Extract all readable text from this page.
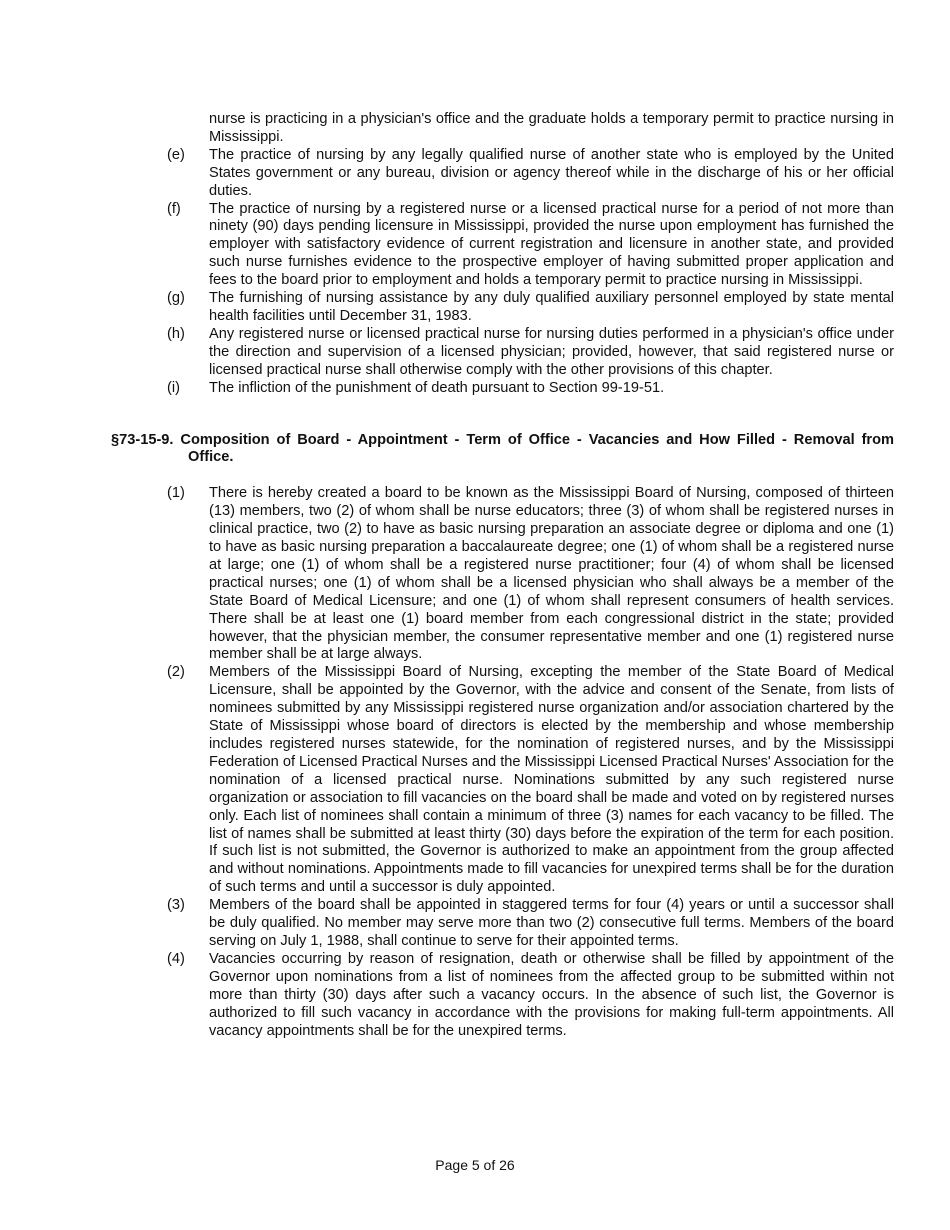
nurse is practicing in a physician's office and the graduate holds a temporary permit to practice nursing in Mississippi.
(e) The practice of nursing by any legally qualified nurse of another state who is employed by the United States government or any bureau, division or agency thereof while in the discharge of his or her official duties.
(f) The practice of nursing by a registered nurse or a licensed practical nurse for a period of not more than ninety (90) days pending licensure in Mississippi, provided the nurse upon employment has furnished the employer with satisfactory evidence of current registration and licensure in another state, and provided such nurse furnishes evidence to the prospective employer of having submitted proper application and fees to the board prior to employment and holds a temporary permit to practice nursing in Mississippi.
(g) The furnishing of nursing assistance by any duly qualified auxiliary personnel employed by state mental health facilities until December 31, 1983.
(h) Any registered nurse or licensed practical nurse for nursing duties performed in a physician's office under the direction and supervision of a licensed physician; provided, however, that said registered nurse or licensed practical nurse shall otherwise comply with the other provisions of this chapter.
(i) The infliction of the punishment of death pursuant to Section 99-19-51.
§73-15-9. Composition of Board - Appointment - Term of Office - Vacancies and How Filled - Removal from Office.
(1) There is hereby created a board to be known as the Mississippi Board of Nursing, composed of thirteen (13) members, two (2) of whom shall be nurse educators; three (3) of whom shall be registered nurses in clinical practice, two (2) to have as basic nursing preparation an associate degree or diploma and one (1) to have as basic nursing preparation a baccalaureate degree; one (1) of whom shall be a registered nurse at large; one (1) of whom shall be a registered nurse practitioner; four (4) of whom shall be licensed practical nurses; one (1) of whom shall be a licensed physician who shall always be a member of the State Board of Medical Licensure; and one (1) of whom shall represent consumers of health services. There shall be at least one (1) board member from each congressional district in the state; provided however, that the physician member, the consumer representative member and one (1) registered nurse member shall be at large always.
(2) Members of the Mississippi Board of Nursing, excepting the member of the State Board of Medical Licensure, shall be appointed by the Governor, with the advice and consent of the Senate, from lists of nominees submitted by any Mississippi registered nurse organization and/or association chartered by the State of Mississippi whose board of directors is elected by the membership and whose membership includes registered nurses statewide, for the nomination of registered nurses, and by the Mississippi Federation of Licensed Practical Nurses and the Mississippi Licensed Practical Nurses' Association for the nomination of a licensed practical nurse. Nominations submitted by any such registered nurse organization or association to fill vacancies on the board shall be made and voted on by registered nurses only. Each list of nominees shall contain a minimum of three (3) names for each vacancy to be filled. The list of names shall be submitted at least thirty (30) days before the expiration of the term for each position. If such list is not submitted, the Governor is authorized to make an appointment from the group affected and without nominations. Appointments made to fill vacancies for unexpired terms shall be for the duration of such terms and until a successor is duly appointed.
(3) Members of the board shall be appointed in staggered terms for four (4) years or until a successor shall be duly qualified. No member may serve more than two (2) consecutive full terms. Members of the board serving on July 1, 1988, shall continue to serve for their appointed terms.
(4) Vacancies occurring by reason of resignation, death or otherwise shall be filled by appointment of the Governor upon nominations from a list of nominees from the affected group to be submitted within not more than thirty (30) days after such a vacancy occurs. In the absence of such list, the Governor is authorized to fill such vacancy in accordance with the provisions for making full-term appointments. All vacancy appointments shall be for the unexpired terms.
Page 5 of 26
